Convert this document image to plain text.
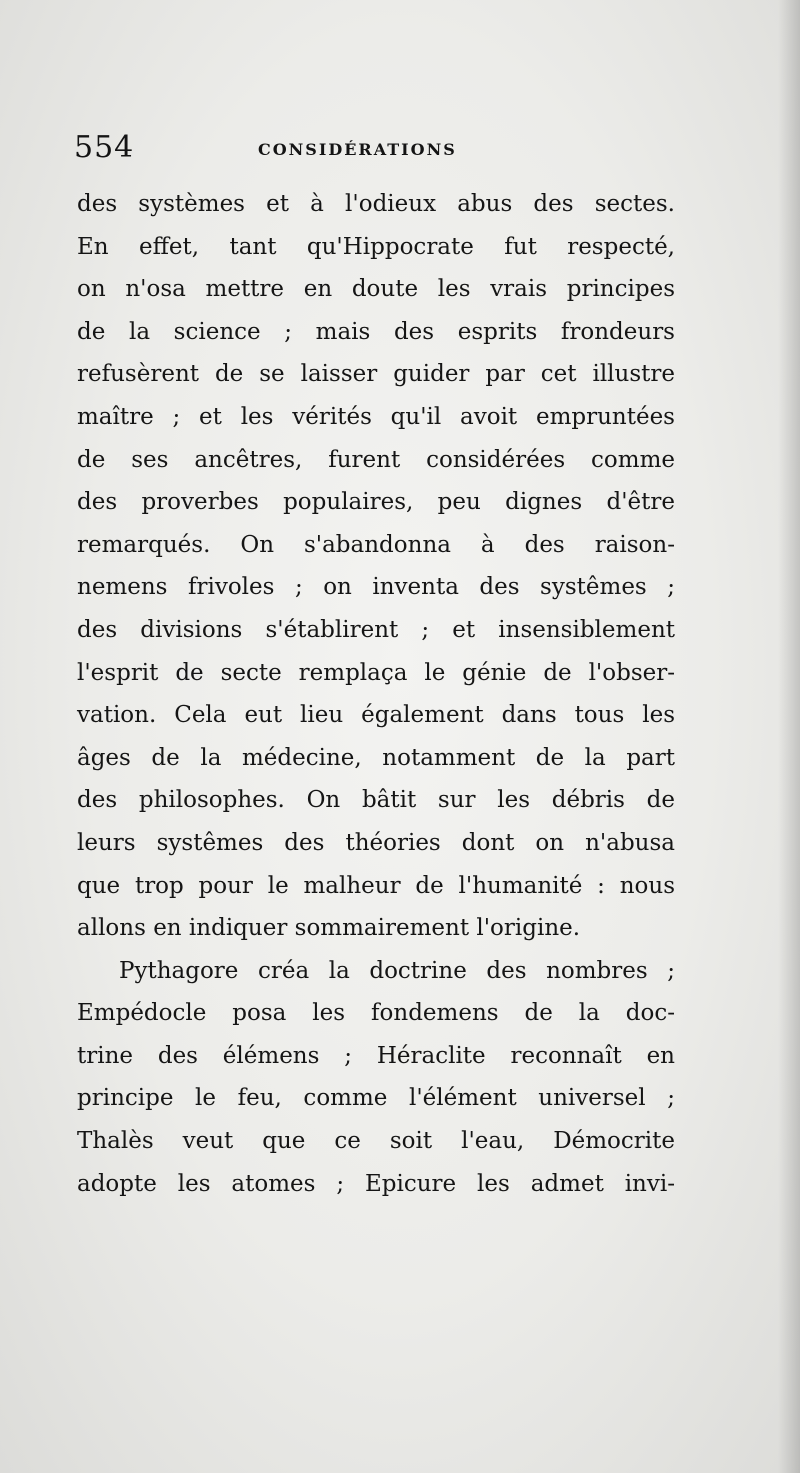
554	CONSIDÉRATIONS
des systèmes et à l'odieux abus des sectes.
En effet, tant qu'Hippocrate fut respecté,
on n'osa mettre en doute les vrais principes
de la science ; mais des esprits frondeurs
refusèrent de se laisser guider par cet illustre
maître ; et les vérités qu'il avoit empruntées
de ses ancêtres, furent considérées comme
des proverbes populaires, peu dignes d'être
remarqués. On s'abandonna à des raison-
nemens frivoles ; on inventa des systêmes ;
des divisions s'établirent ; et insensiblement
l'esprit de secte remplaça le génie de l'obser-
vation. Cela eut lieu également dans tous les
âges de la médecine, notamment de la part
des philosophes. On bâtit sur les débris de
leurs systêmes des théories dont on n'abusa
que trop pour le malheur de l'humanité : nous
allons en indiquer sommairement l'origine.
Pythagore créa la doctrine des nombres ;
Empédocle posa les fondemens de la doc-
trine des élémens ; Héraclite reconnaît en
principe le feu, comme l'élément universel ;
Thalès veut que ce soit l'eau, Démocrite
adopte les atomes ; Epicure les admet invi-
